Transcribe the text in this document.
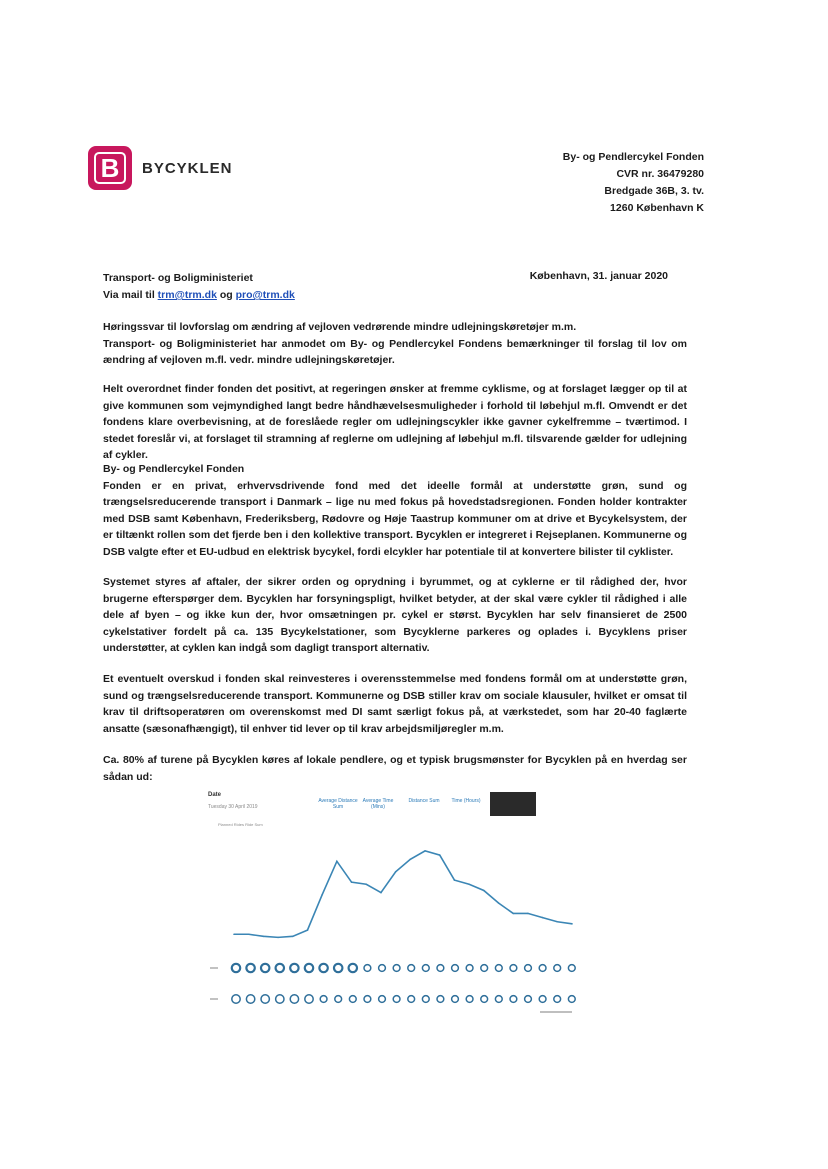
B	BYCYKLEN
By- og Pendlercykel Fonden
CVR nr. 36479280
Bredgade 36B, 3. tv.
1260 København K
Transport- og Boligministeriet
Via mail til trm@trm.dk og pro@trm.dk
København, 31. januar 2020

Høringssvar til lovforslag om ændring af vejloven vedrørende mindre udlejningskøretøjer m.m.

Transport- og Boligministeriet har anmodet om By- og Pendlercykel Fondens bemærkninger til forslag til lov om ændring af vejloven m.fl. vedr. mindre udlejningskøretøjer.

Helt overordnet finder fonden det positivt, at regeringen ønsker at fremme cyklisme, og at forslaget lægger op til at give kommunen som vejmyndighed langt bedre håndhævelsesmuligheder i forhold til løbehjul m.fl. Omvendt er det fondens klare overbevisning, at de foreslåede regler om udlejningscykler ikke gavner cykelfremme – tværtimod. I stedet foreslår vi, at forslaget til stramning af reglerne om udlejning af løbehjul m.fl. tilsvarende gælder for udlejning af cykler.

By- og Pendlercykel Fonden

Fonden er en privat, erhvervsdrivende fond med det ideelle formål at understøtte grøn, sund og trængselsreducerende transport i Danmark – lige nu med fokus på hovedstadsregionen. Fonden holder kontrakter med DSB samt København, Frederiksberg, Rødovre og Høje Taastrup kommuner om at drive et Bycykelsystem, der er tiltænkt rollen som det fjerde ben i den kollektive transport. Bycyklen er integreret i Rejseplanen. Kommunerne og DSB valgte efter et EU-udbud en elektrisk bycykel, fordi elcykler har potentiale til at konvertere bilister til cyklister.

Systemet styres af aftaler, der sikrer orden og oprydning i byrummet, og at cyklerne er til rådighed der, hvor brugerne efterspørger dem. Bycyklen har forsyningspligt, hvilket betyder, at der skal være cykler til rådighed i alle dele af byen – og ikke kun der, hvor omsætningen pr. cykel er størst. Bycyklen har selv finansieret de 2500 cykelstativer fordelt på ca. 135 Bycykelstationer, som Bycyklerne parkeres og oplades i. Bycyklens priser understøtter, at cyklen kan indgå som dagligt transport alternativ.
Et eventuelt overskud i fonden skal reinvesteres i overensstemmelse med fondens formål om at understøtte grøn, sund og trængselsreducerende transport. Kommunerne og DSB stiller krav om sociale klausuler, hvilket er omsat til krav til driftsoperatøren om overenskomst med DI samt særligt fokus på, at værkstedet, som har 20-40 faglærte ansatte (sæsonafhængigt), til enhver tid lever op til krav arbejdsmiljøregler m.m.
Ca. 80% af turene på Bycyklen køres af lokale pendlere, og et typisk brugsmønster for Bycyklen på en hverdag ser sådan ud:
Date
Tuesday 30 April 2019
Planned Rides Ride Sum
Average Distance Sum
Average Time (Mins)
Distance Sum	Time (Hours)
